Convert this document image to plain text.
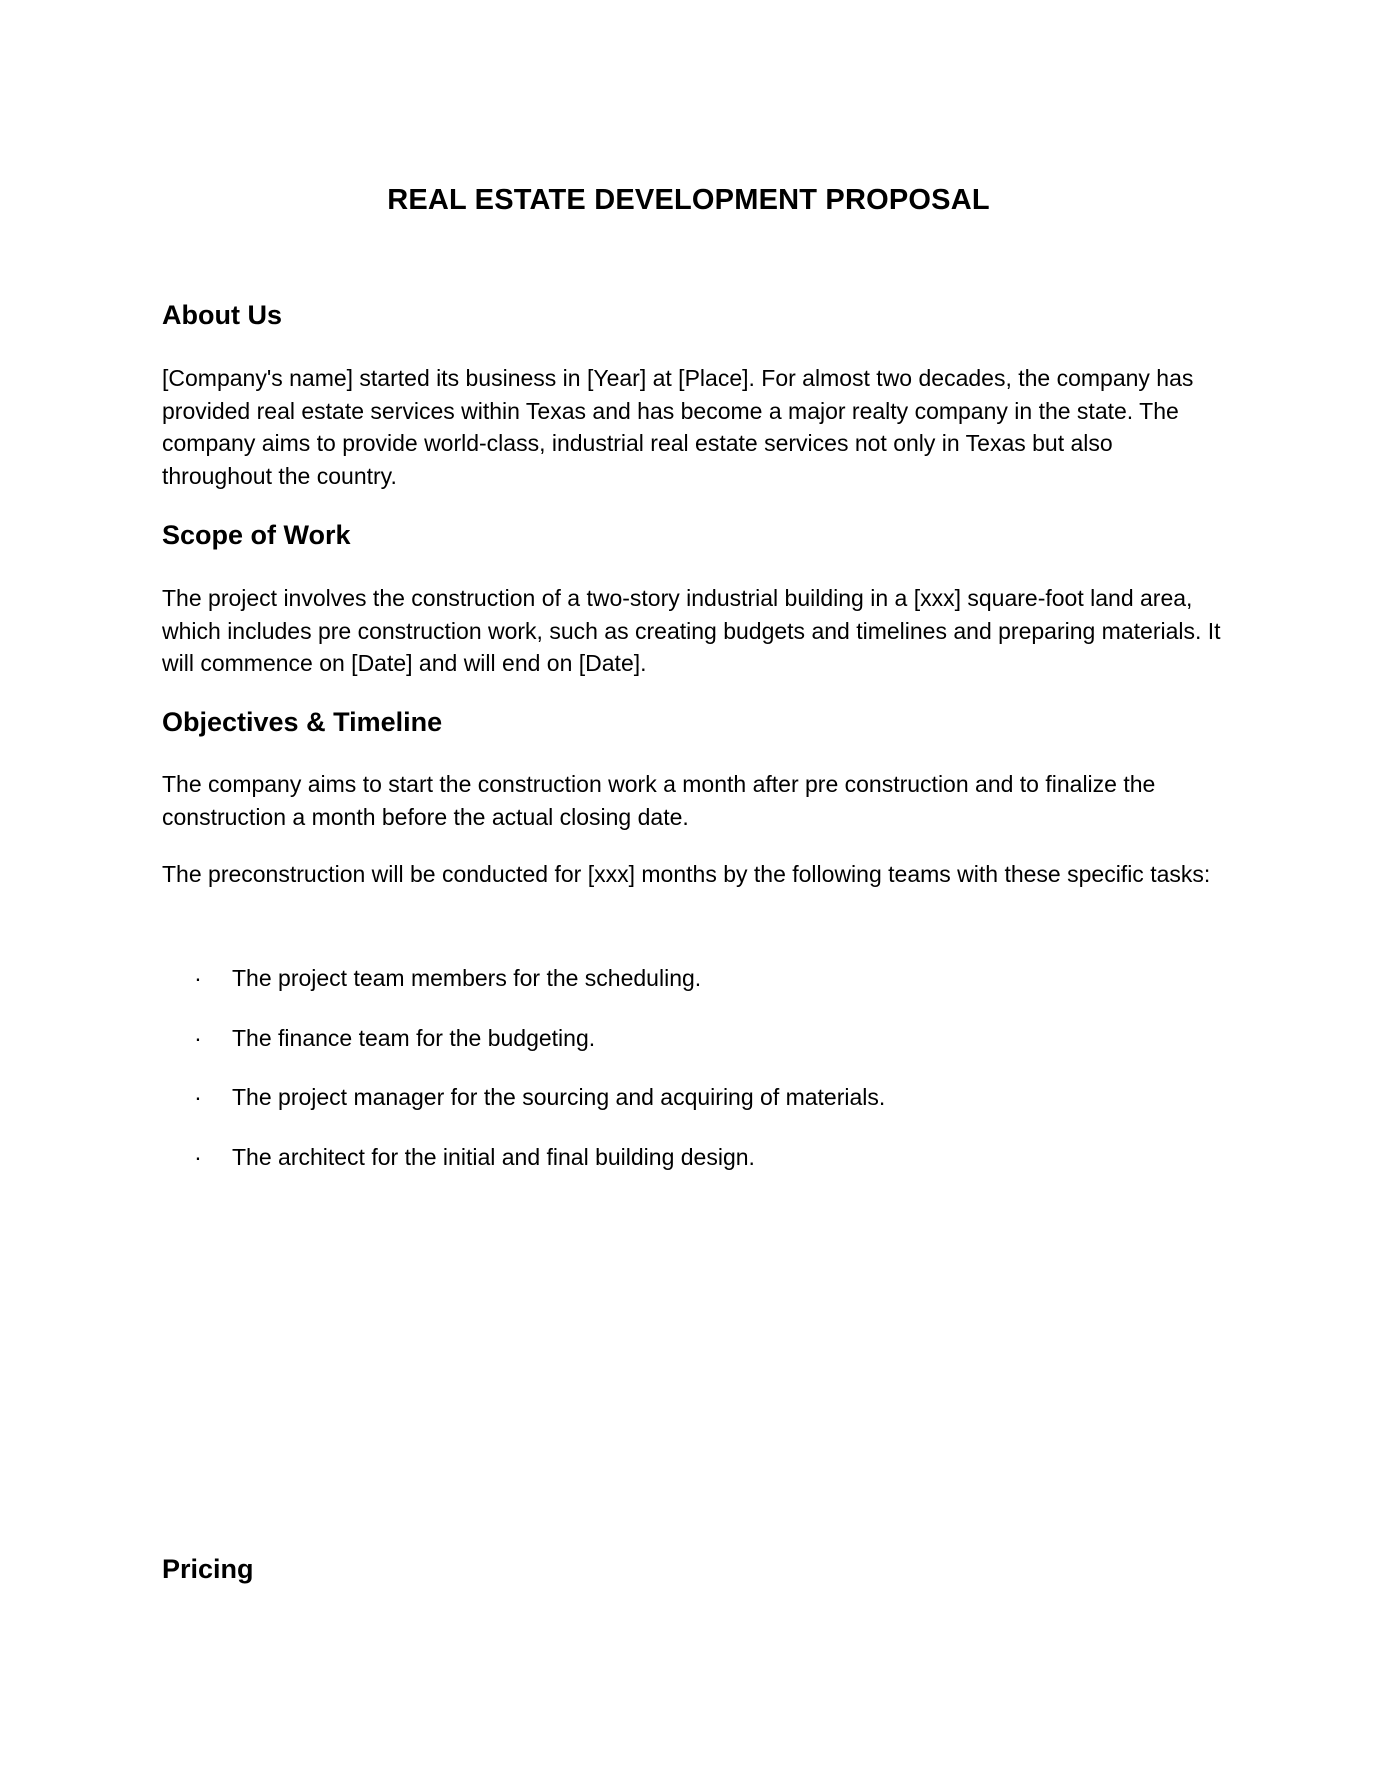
REAL ESTATE DEVELOPMENT PROPOSAL
About Us

[Company's name] started its business in [Year] at [Place]. For almost two decades, the company has provided real estate services within Texas and has become a major realty company in the state. The company aims to provide world-class, industrial real estate services not only in Texas but also throughout the country.

Scope of Work

The project involves the construction of a two-story industrial building in a [xxx] square-foot land area, which includes pre construction work, such as creating budgets and timelines and preparing materials. It will commence on [Date] and will end on [Date].

Objectives & Timeline

The company aims to start the construction work a month after pre construction and to finalize the construction a month before the actual closing date.

The preconstruction will be conducted for [xxx] months by the following teams with these specific tasks:

· The project team members for the scheduling.
· The finance team for the budgeting.
· The project manager for the sourcing and acquiring of materials.
· The architect for the initial and final building design.
Pricing
